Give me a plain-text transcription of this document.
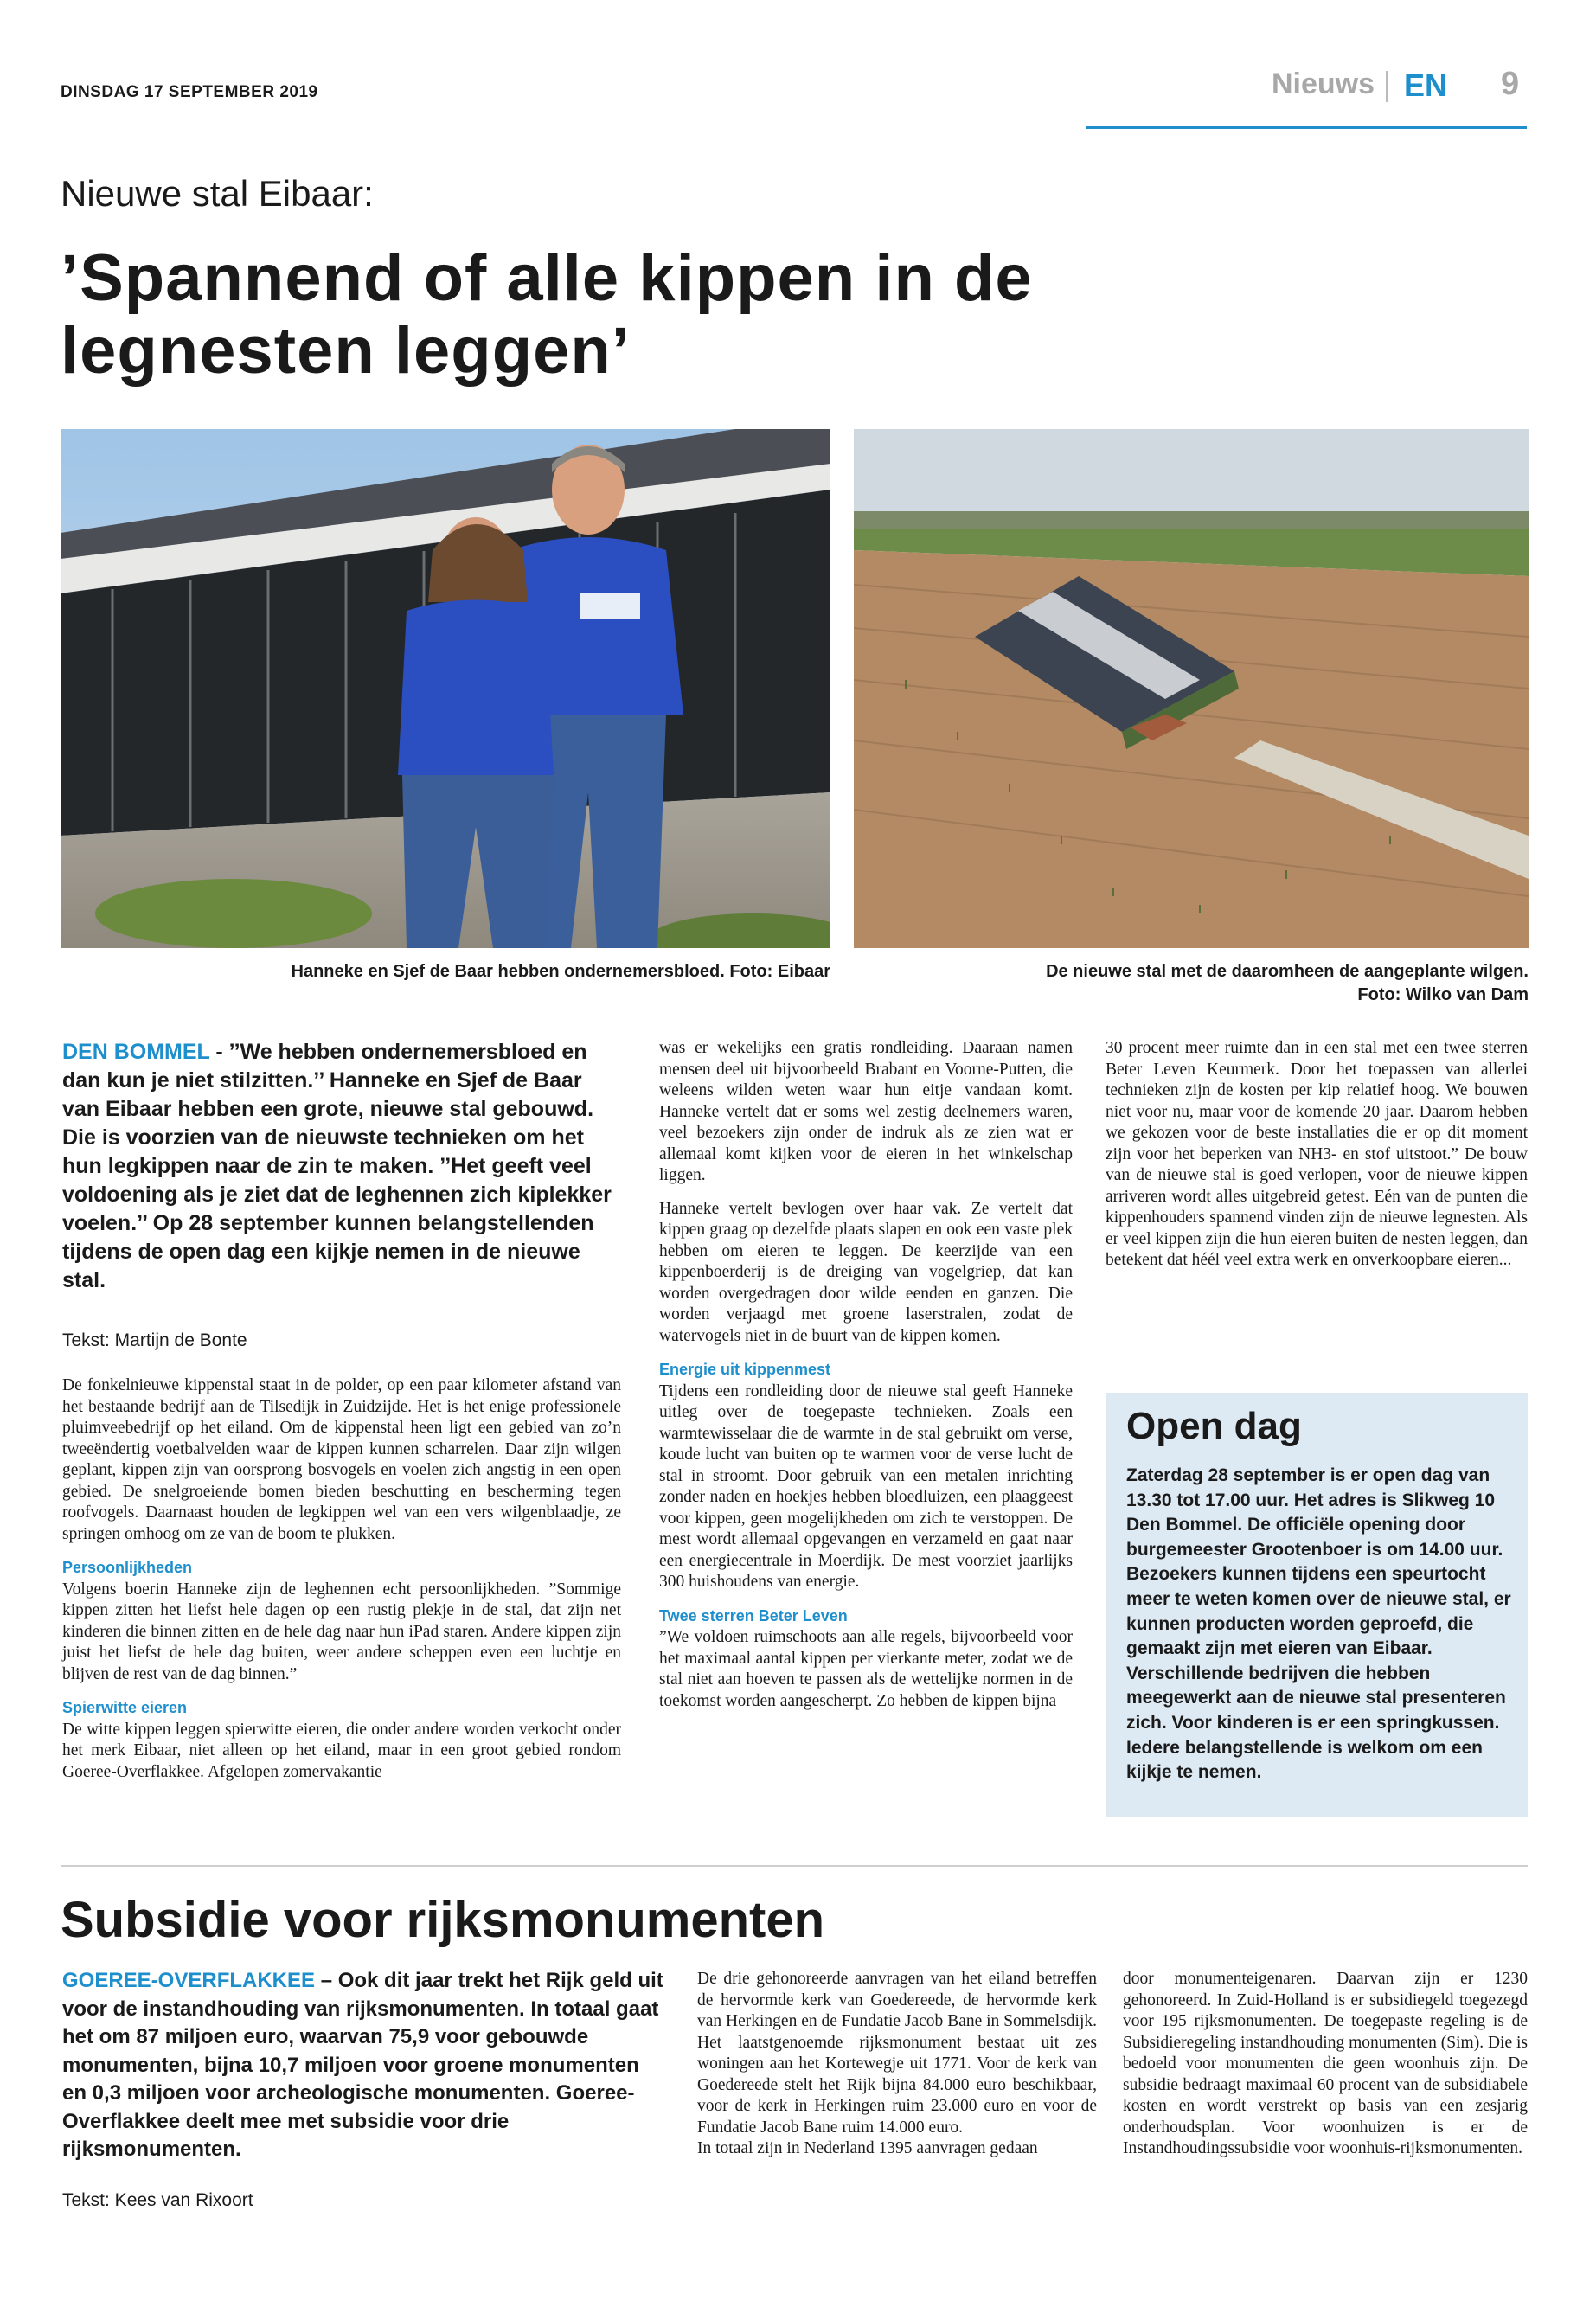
DINSDAG 17 SEPTEMBER 2019	Nieuws EN 9
Nieuwe stal Eibaar:
’Spannend of alle kippen in de legnesten leggen’
Hanneke en Sjef de Baar hebben ondernemersbloed. Foto: Eibaar	De nieuwe stal met de daaromheen de aangeplante wilgen.
Foto: Wilko van Dam
DEN BOMMEL - ’’We hebben ondernemersbloed en dan kun je niet stilzitten.’’ Hanneke en Sjef de Baar van Eibaar hebben een grote, nieuwe stal gebouwd. Die is voorzien van de nieuwste technieken om het hun legkippen naar de zin te maken. ’’Het geeft veel voldoening als je ziet dat de leghennen zich kiplekker voelen.’’ Op 28 september kunnen belangstellenden tijdens de open dag een kijkje nemen in de nieuwe stal.
Tekst: Martijn de Bonte

De fonkelnieuwe kippenstal staat in de polder, op een paar kilometer afstand van het bestaande bedrijf aan de Tilsedijk in Zuidzijde. Het is het enige professionele pluimveebedrijf op het eiland. Om de kippenstal heen ligt een gebied van zo’n tweeëndertig voetbalvelden waar de kippen kunnen scharrelen. Daar zijn wilgen geplant, kippen zijn van oorsprong bosvogels en voelen zich angstig in een open gebied. De snelgroeiende bomen bieden beschutting en bescherming tegen roofvogels. Daarnaast houden de legkippen wel van een vers wilgenblaadje, ze springen omhoog om ze van de boom te plukken.

Persoonlijkheden

Volgens boerin Hanneke zijn de leghennen echt persoonlijkheden. ”Sommige kippen zitten het liefst hele dagen op een rustig plekje in de stal, dat zijn net kinderen die binnen zitten en de hele dag naar hun iPad staren. Andere kippen zijn juist het liefst de hele dag buiten, weer andere scheppen even een luchtje en blijven de rest van de dag binnen.”

Spierwitte eieren

De witte kippen leggen spierwitte eieren, die onder andere worden verkocht onder het merk Eibaar, niet alleen op het eiland, maar in een groot gebied rondom Goeree-Overflakkee. Afgelopen zomervakantie

was er wekelijks een gratis rondleiding. Daaraan namen mensen deel uit bijvoorbeeld Brabant en Voorne-Putten, die weleens wilden weten waar hun eitje vandaan komt. Hanneke vertelt dat er soms wel zestig deelnemers waren, veel bezoekers zijn onder de indruk als ze zien wat er allemaal komt kijken voor de eieren in het winkelschap liggen.

Hanneke vertelt bevlogen over haar vak. Ze vertelt dat kippen graag op dezelfde plaats slapen en ook een vaste plek hebben om eieren te leggen. De keerzijde van een kippenboerderij is de dreiging van vogelgriep, dat kan worden overgedragen door wilde eenden en ganzen. Die worden verjaagd met groene laserstralen, zodat de watervogels niet in de buurt van de kippen komen.

Energie uit kippenmest

Tijdens een rondleiding door de nieuwe stal geeft Hanneke uitleg over de toegepaste technieken. Zoals een warmtewisselaar die de warmte in de stal gebruikt om verse, koude lucht van buiten op te warmen voor de verse lucht de stal in stroomt. Door gebruik van een metalen inrichting zonder naden en hoekjes hebben bloedluizen, een plaaggeest voor kippen, geen mogelijkheden om zich te verstoppen. De mest wordt allemaal opgevangen en verzameld en gaat naar een energiecentrale in Moerdijk. De mest voorziet jaarlijks 300 huishoudens van energie.

Twee sterren Beter Leven

”We voldoen ruimschoots aan alle regels, bijvoorbeeld voor het maximaal aantal kippen per vierkante meter, zodat we de stal niet aan hoeven te passen als de wettelijke normen in de toekomst worden aangescherpt. Zo hebben de kippen bijna

30 procent meer ruimte dan in een stal met een twee sterren Beter Leven Keurmerk. Door het toepassen van allerlei technieken zijn de kosten per kip relatief hoog. We bouwen niet voor nu, maar voor de komende 20 jaar. Daarom hebben we gekozen voor de beste installaties die er op dit moment zijn voor het beperken van NH3- en stof uitstoot.” De bouw van de nieuwe stal is goed verlopen, voor de nieuwe kippen arriveren wordt alles uitgebreid getest. Eén van de punten die kippenhouders spannend vinden zijn de nieuwe legnesten. Als er veel kippen zijn die hun eieren buiten de nesten leggen, dan betekent dat héél veel extra werk en onverkoopbare eieren...

Open dag
Zaterdag 28 september is er open dag van 13.30 tot 17.00 uur. Het adres is Slikweg 10 Den Bommel. De officiële opening door burgemeester Grootenboer is om 14.00 uur. Bezoekers kunnen tijdens een speurtocht meer te weten komen over de nieuwe stal, er kunnen producten worden geproefd, die gemaakt zijn met eieren van Eibaar. Verschillende bedrijven die hebben meegewerkt aan de nieuwe stal presenteren zich. Voor kinderen is er een springkussen. Iedere belangstellende is welkom om een kijkje te nemen.
Subsidie voor rijksmonumenten
GOEREE-OVERFLAKKEE – Ook dit jaar trekt het Rijk geld uit voor de instandhouding van rijksmonumenten. In totaal gaat het om 87 miljoen euro, waarvan 75,9 voor gebouwde monumenten, bijna 10,7 miljoen voor groene monumenten en 0,3 miljoen voor archeologische monumenten. Goeree-Overflakkee deelt mee met subsidie voor drie rijksmonumenten.
Tekst: Kees van Rixoort

De drie gehonoreerde aanvragen van het eiland betreffen de hervormde kerk van Goedereede, de hervormde kerk van Herkingen en de Fundatie Jacob Bane in Sommelsdijk. Het laatstgenoemde rijksmonument bestaat uit zes woningen aan het Kortewegje uit 1771. Voor de kerk van Goedereede stelt het Rijk bijna 84.000 euro beschikbaar, voor de kerk in Herkingen ruim 23.000 euro en voor de Fundatie Jacob Bane ruim 14.000 euro.

In totaal zijn in Nederland 1395 aanvragen gedaan

door monumenteigenaren. Daarvan zijn er 1230 gehonoreerd. In Zuid-Holland is er subsidiegeld toegezegd voor 195 rijksmonumenten. De toegepaste regeling is de Subsidieregeling instandhouding monumenten (Sim). Die is bedoeld voor monumenten die geen woonhuis zijn. De subsidie bedraagt maximaal 60 procent van de subsidiabele kosten en wordt verstrekt op basis van een zesjarig onderhoudsplan. Voor woonhuizen is er de Instandhoudingssubsidie voor woonhuis-rijksmonumenten.
